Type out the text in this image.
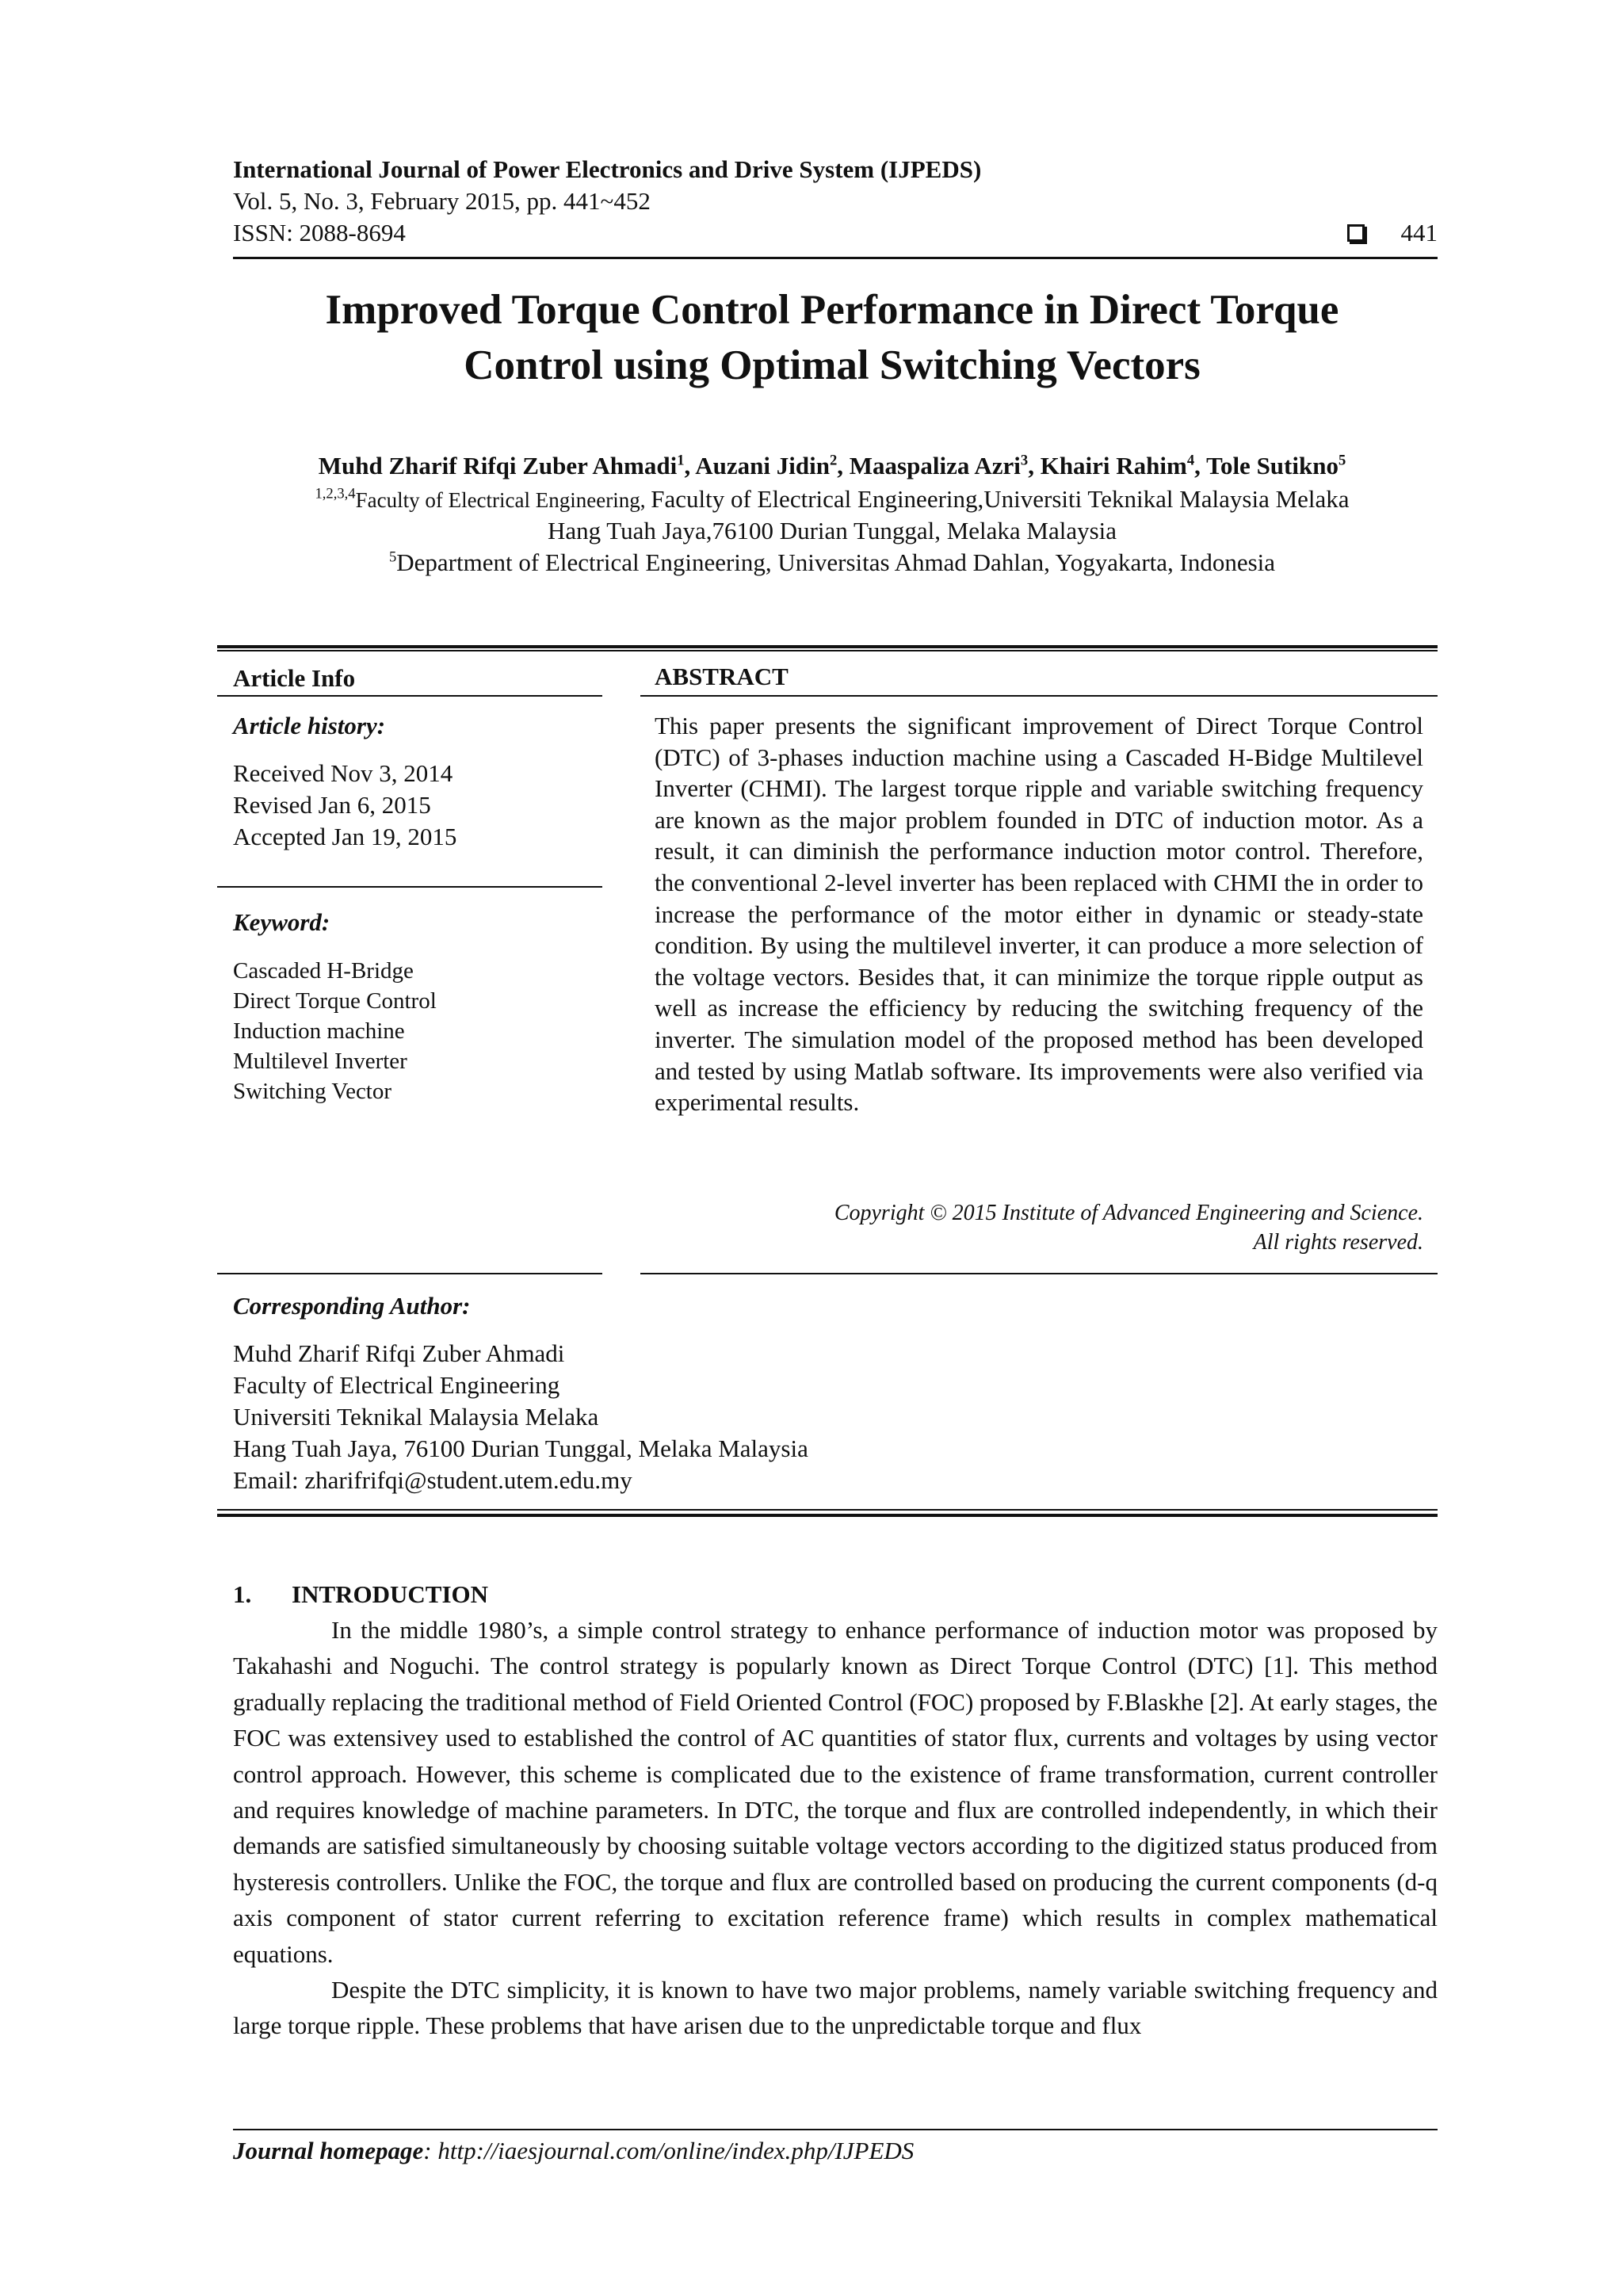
International Journal of Power Electronics and Drive System (IJPEDS)
Vol. 5, No. 3, February 2015, pp. 441~452
ISSN: 2088-8694	441
Improved Torque Control Performance in Direct Torque
Control using Optimal Switching Vectors
Muhd Zharif Rifqi Zuber Ahmadi$^1$, Auzani Jidin$^2$, Maaspaliza Azri$^3$, Khairi Rahim$^4$, Tole Sutikno$^5$
$^{1,2,3,4}$Faculty of Electrical Engineering, Faculty of Electrical Engineering,Universiti Teknikal Malaysia Melaka
Hang Tuah Jaya,76100 Durian Tunggal, Melaka Malaysia
$^5$Department of Electrical Engineering, Universitas Ahmad Dahlan, Yogyakarta, Indonesia
Article Info
Article history:
Received Nov 3, 2014
Revised Jan 6, 2015
Accepted Jan 19, 2015
Keyword:
Cascaded H-Bridge
Direct Torque Control
Induction machine
Multilevel Inverter
Switching Vector
ABSTRACT
This paper presents the significant improvement of Direct Torque Control (DTC) of 3-phases induction machine using a Cascaded H-Bidge Multilevel Inverter (CHMI). The largest torque ripple and variable switching frequency are known as the major problem founded in DTC of induction motor. As a result, it can diminish the performance induction motor control. Therefore, the conventional 2-level inverter has been replaced with CHMI the in order to increase the performance of the motor either in dynamic or steady-state condition. By using the multilevel inverter, it can produce a more selection of the voltage vectors. Besides that, it can minimize the torque ripple output as well as increase the efficiency by reducing the switching frequency of the inverter. The simulation model of the proposed method has been developed and tested by using Matlab software. Its improvements were also verified via experimental results.
Copyright © 2015 Institute of Advanced Engineering and Science.
All rights reserved.
Corresponding Author:
Muhd Zharif Rifqi Zuber Ahmadi
Faculty of Electrical Engineering
Universiti Teknikal Malaysia Melaka
Hang Tuah Jaya, 76100 Durian Tunggal, Melaka Malaysia
Email: zharifrifqi@student.utem.edu.my
1. INTRODUCTION

In the middle 1980’s, a simple control strategy to enhance performance of induction motor was proposed by Takahashi and Noguchi. The control strategy is popularly known as Direct Torque Control (DTC) [1]. This method gradually replacing the traditional method of Field Oriented Control (FOC) proposed by F.Blaskhe [2]. At early stages, the FOC was extensivey used to established the control of AC quantities of stator flux, currents and voltages by using vector control approach. However, this scheme is complicated due to the existence of frame transformation, current controller and requires knowledge of machine parameters. In DTC, the torque and flux are controlled independently, in which their demands are satisfied simultaneously by choosing suitable voltage vectors according to the digitized status produced from hysteresis controllers. Unlike the FOC, the torque and flux are controlled based on producing the current components (d-q axis component of stator current referring to excitation reference frame) which results in complex mathematical equations.

Despite the DTC simplicity, it is known to have two major problems, namely variable switching frequency and large torque ripple. These problems that have arisen due to the unpredictable torque and flux

Journal homepage: http://iaesjournal.com/online/index.php/IJPEDS
